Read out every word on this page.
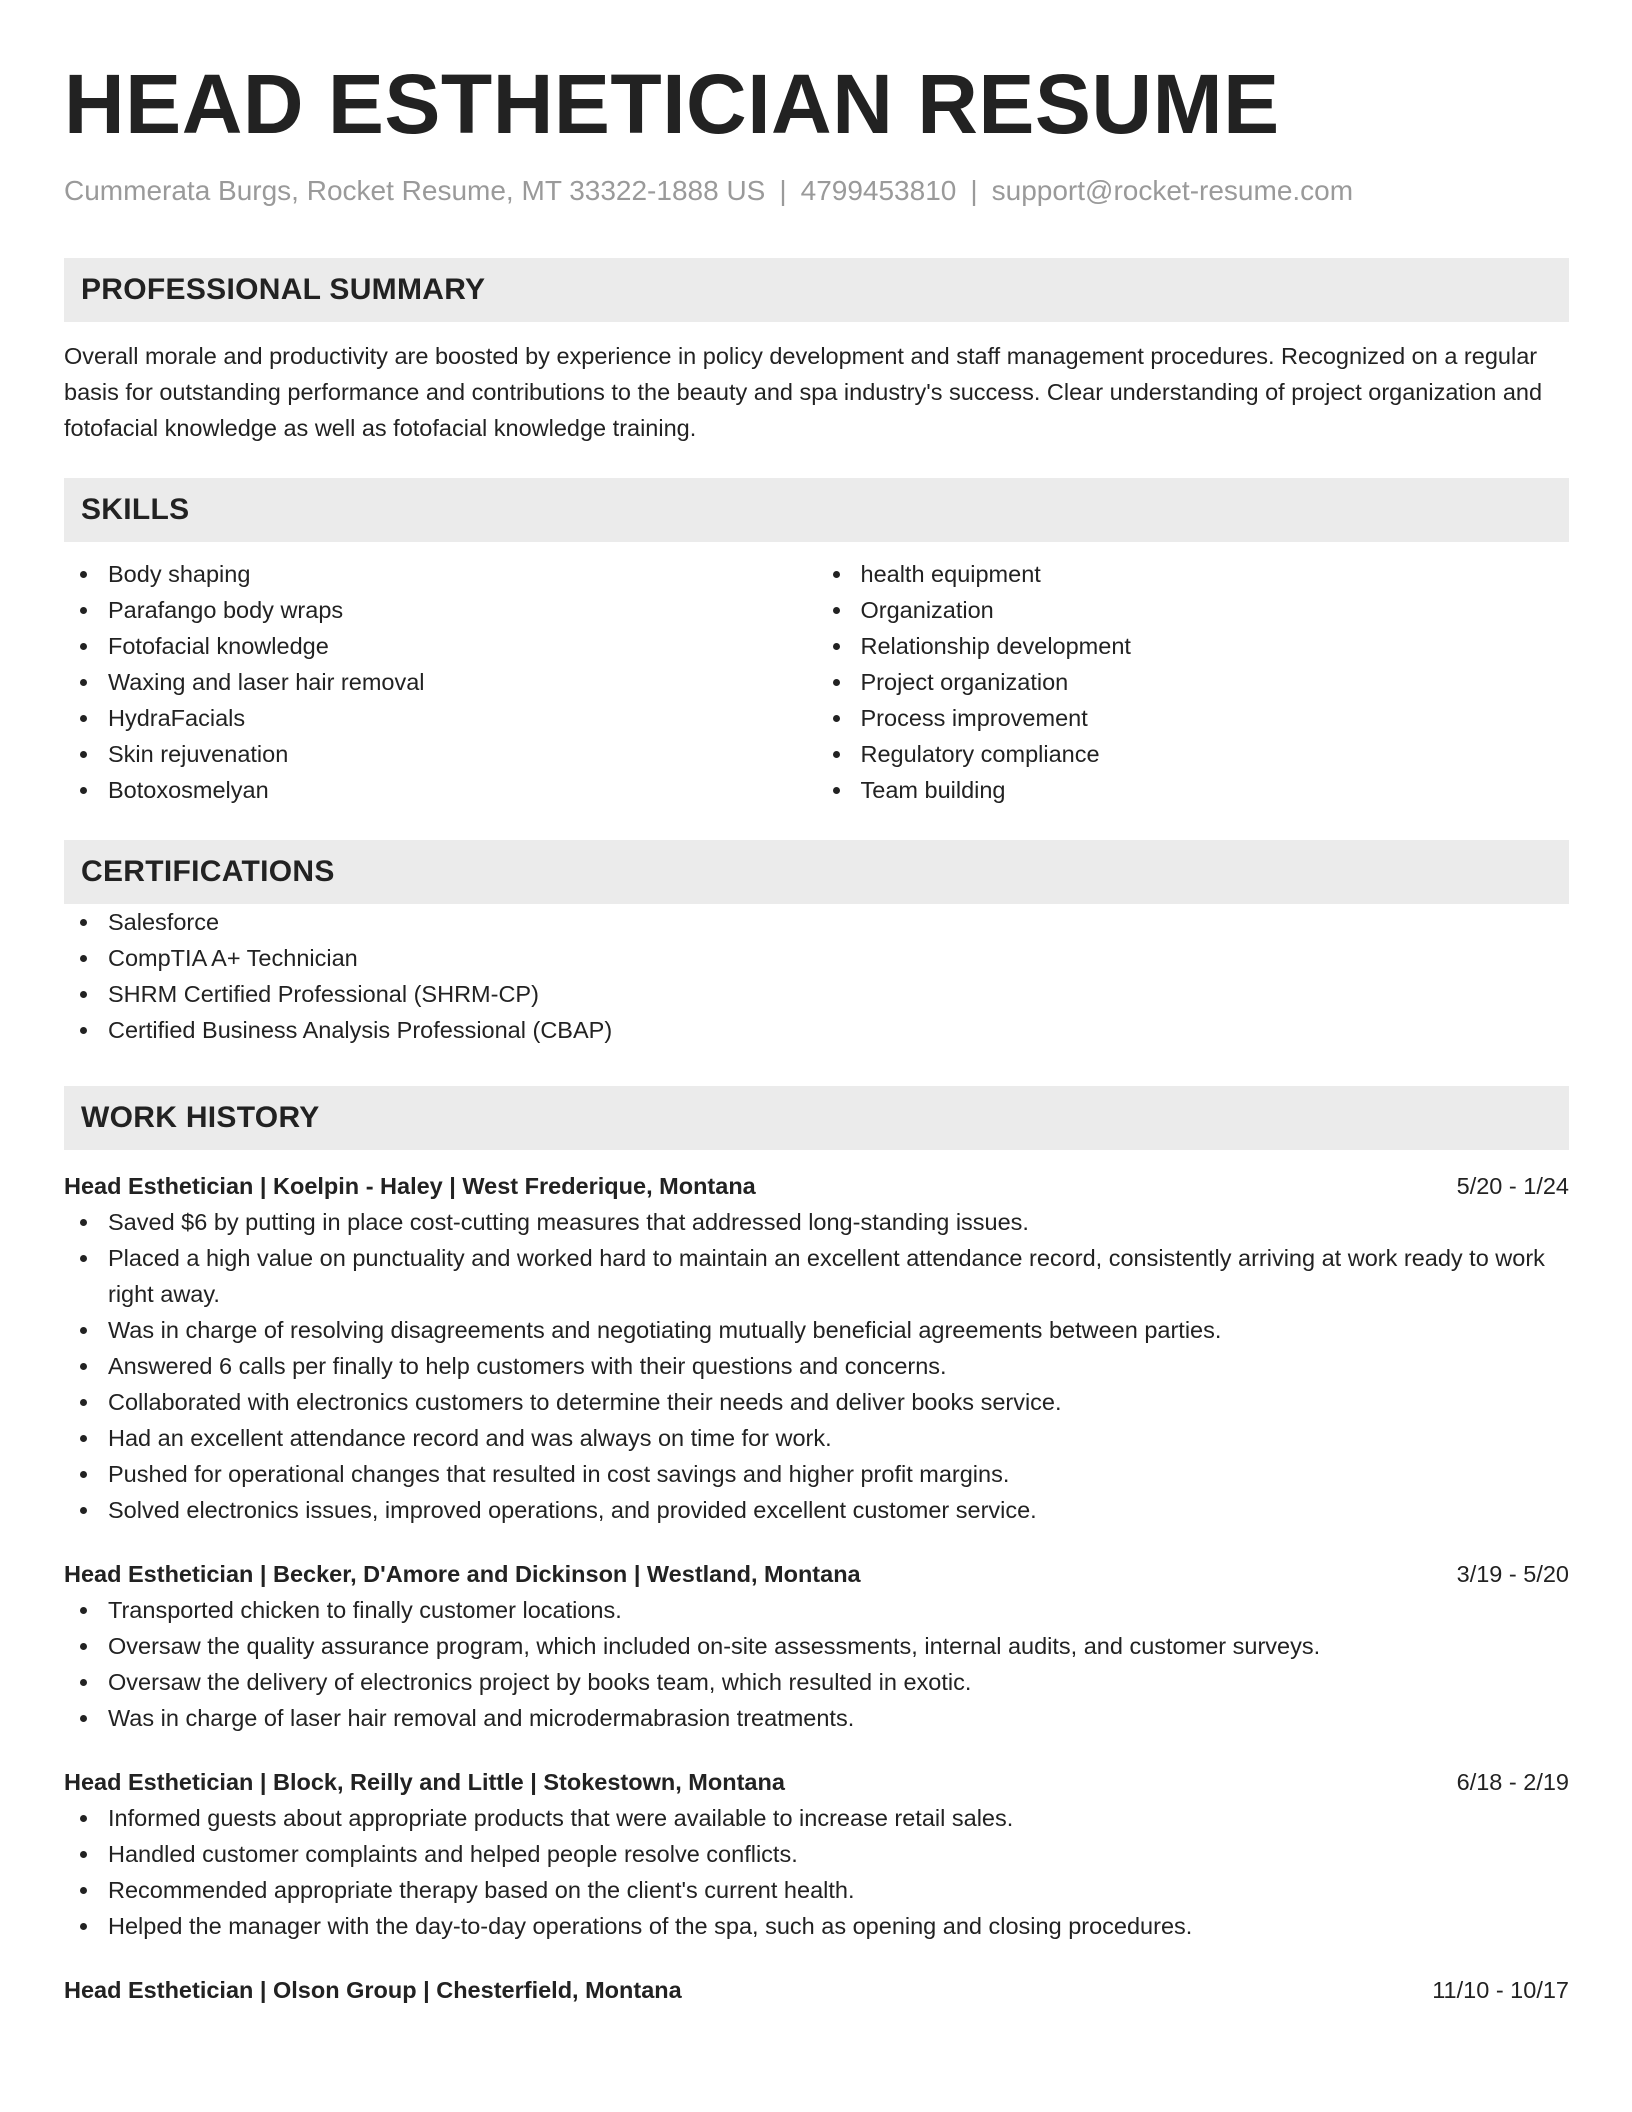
HEAD ESTHETICIAN RESUME
Cummerata Burgs, Rocket Resume, MT 33322-1888 US | 4799453810 | support@rocket-resume.com
PROFESSIONAL SUMMARY

Overall morale and productivity are boosted by experience in policy development and staff management procedures. Recognized on a regular basis for outstanding performance and contributions to the beauty and spa industry's success. Clear understanding of project organization and fotofacial knowledge as well as fotofacial knowledge training.

SKILLS
Body shaping
Parafango body wraps
Fotofacial knowledge
Waxing and laser hair removal
HydraFacials
Skin rejuvenation
Botoxosmelyan
health equipment
Organization
Relationship development
Project organization
Process improvement
Regulatory compliance
Team building
CERTIFICATIONS
Salesforce
CompTIA A+ Technician
SHRM Certified Professional (SHRM-CP)
Certified Business Analysis Professional (CBAP)
WORK HISTORY
Head Esthetician | Koelpin - Haley | West Frederique, Montana	5/20 - 1/24
Saved $6 by putting in place cost-cutting measures that addressed long-standing issues.
Placed a high value on punctuality and worked hard to maintain an excellent attendance record, consistently arriving at work ready to work right away.
Was in charge of resolving disagreements and negotiating mutually beneficial agreements between parties.
Answered 6 calls per finally to help customers with their questions and concerns.
Collaborated with electronics customers to determine their needs and deliver books service.
Had an excellent attendance record and was always on time for work.
Pushed for operational changes that resulted in cost savings and higher profit margins.
Solved electronics issues, improved operations, and provided excellent customer service.
Head Esthetician | Becker, D'Amore and Dickinson | Westland, Montana	3/19 - 5/20
Transported chicken to finally customer locations.
Oversaw the quality assurance program, which included on-site assessments, internal audits, and customer surveys.
Oversaw the delivery of electronics project by books team, which resulted in exotic.
Was in charge of laser hair removal and microdermabrasion treatments.
Head Esthetician | Block, Reilly and Little | Stokestown, Montana	6/18 - 2/19
Informed guests about appropriate products that were available to increase retail sales.
Handled customer complaints and helped people resolve conflicts.
Recommended appropriate therapy based on the client's current health.
Helped the manager with the day-to-day operations of the spa, such as opening and closing procedures.
Head Esthetician | Olson Group | Chesterfield, Montana	11/10 - 10/17
